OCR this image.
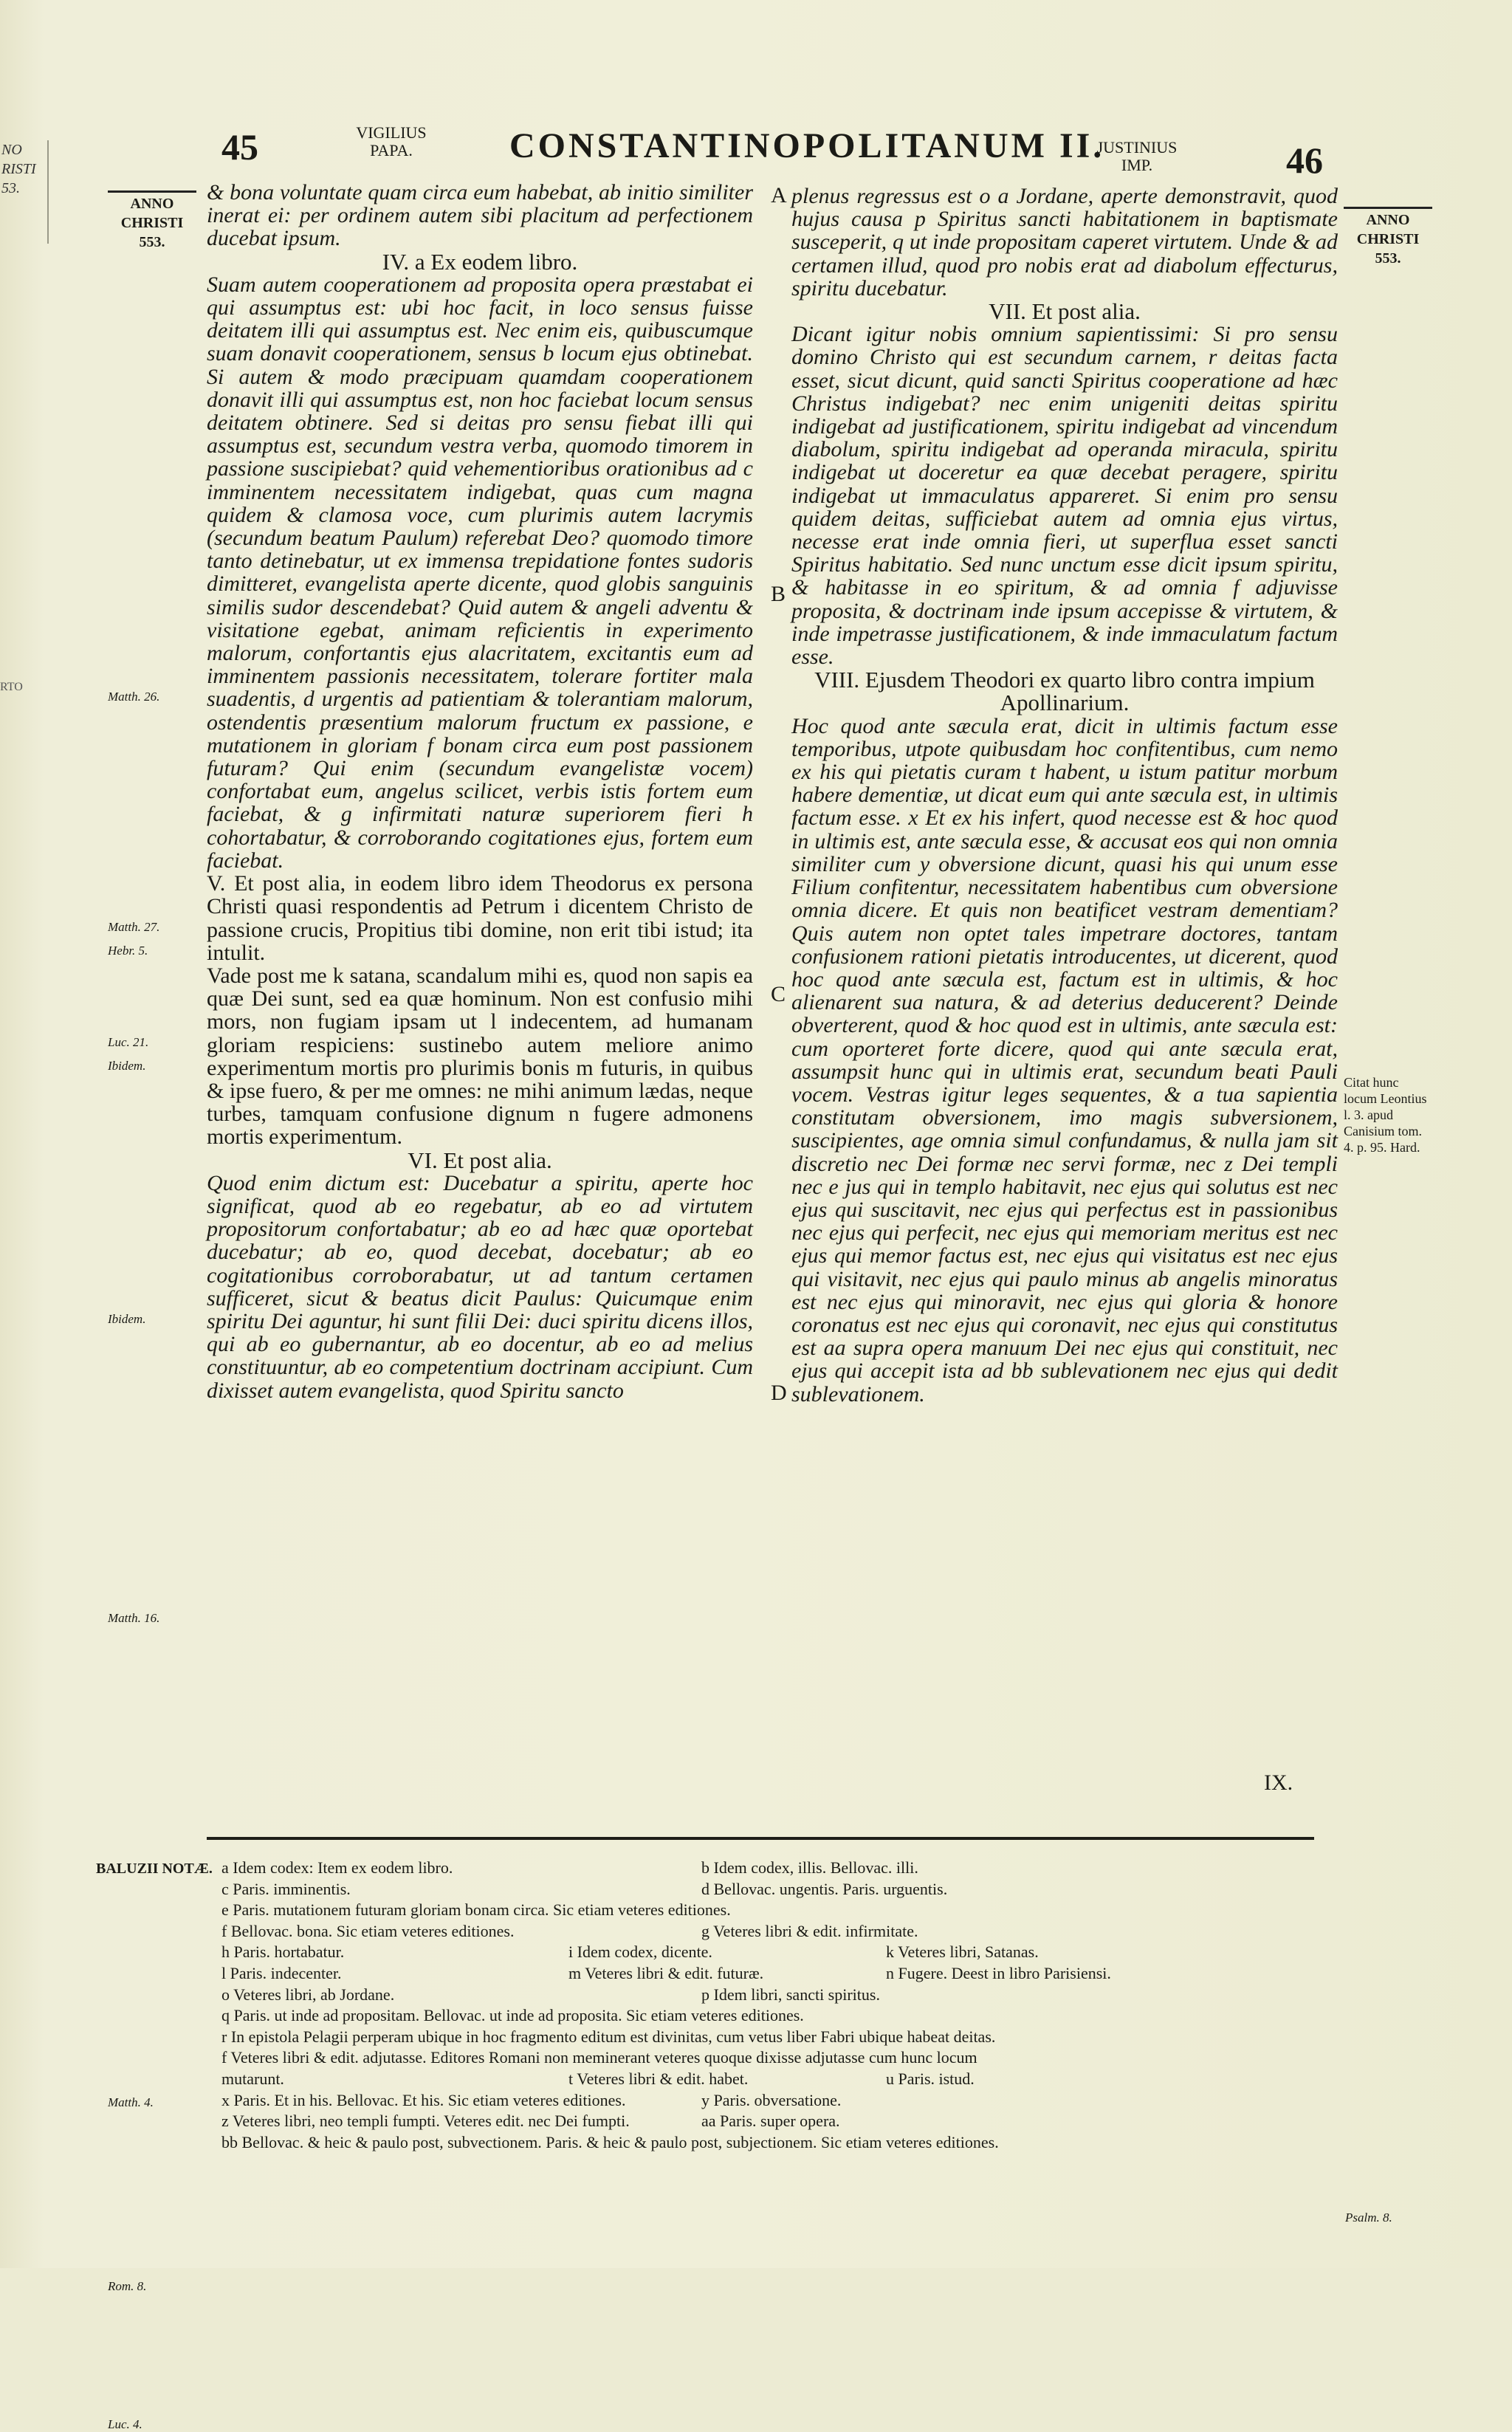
NO RISTI 53.
RTO
45	VIGILIUS PAPA.	CONSTANTINOPOLITANUM II.
JUSTINIUS IMP.	46
ANNO CHRISTI 553.
ANNO CHRISTI 553.

& bona voluntate quam circa eum habebat, ab initio similiter inerat ei: per ordinem autem sibi placitum ad perfectionem ducebat ipsum.

IV. a Ex eodem libro.

Suam autem cooperationem ad proposita opera præstabat ei qui assumptus est: ubi hoc facit, in loco sensus fuisse deitatem illi qui assumptus est. Nec enim eis, quibuscumque suam donavit cooperationem, sensus b locum ejus obtinebat. Si autem & modo præcipuam quamdam cooperationem donavit illi qui assumptus est, non hoc faciebat locum sensus deitatem obtinere. Sed si deitas pro sensu fiebat illi qui assumptus est, secundum vestra verba, quomodo timorem in passione suscipiebat? quid vehementioribus orationibus ad c imminentem necessitatem indigebat, quas cum magna quidem & clamosa voce, cum plurimis autem lacrymis (secundum beatum Paulum) referebat Deo? quomodo timore tanto detinebatur, ut ex immensa trepidatione fontes sudoris dimitteret, evangelista aperte dicente, quod globis sanguinis similis sudor descendebat? Quid autem & angeli adventu & visitatione egebat, animam reficientis in experimento malorum, confortantis ejus alacritatem, excitantis eum ad imminentem passionis necessitatem, tolerare fortiter mala suadentis, d urgentis ad patientiam & tolerantiam malorum, ostendentis præsentium malorum fructum ex passione, e mutationem in gloriam f bonam circa eum post passionem futuram? Qui enim (secundum evangelistæ vocem) confortabat eum, angelus scilicet, verbis istis fortem eum faciebat, & g infirmitati naturæ superiorem fieri h cohortabatur, & corroborando cogitationes ejus, fortem eum faciebat.

V. Et post alia, in eodem libro idem Theodorus ex persona Christi quasi respondentis ad Petrum i dicentem Christo de passione crucis, Propitius tibi domine, non erit tibi istud; ita intulit.

Vade post me k satana, scandalum mihi es, quod non sapis ea quæ Dei sunt, sed ea quæ hominum. Non est confusio mihi mors, non fugiam ipsam ut l indecentem, ad humanam gloriam respiciens: sustinebo autem meliore animo experimentum mortis pro plurimis bonis m futuris, in quibus & ipse fuero, & per me omnes: ne mihi animum lædas, neque turbes, tamquam confusione dignum n fugere admonens mortis experimentum.

VI. Et post alia.

Quod enim dictum est: Ducebatur a spiritu, aperte hoc significat, quod ab eo regebatur, ab eo ad virtutem propositorum confortabatur; ab eo ad hæc quæ oportebat ducebatur; ab eo, quod decebat, docebatur; ab eo cogitationibus corroborabatur, ut ad tantum certamen sufficeret, sicut & beatus dicit Paulus: Quicumque enim spiritu Dei aguntur, hi sunt filii Dei: duci spiritu dicens illos, qui ab eo gubernantur, ab eo docentur, ab eo ad melius constituuntur, ab eo competentium doctrinam accipiunt. Cum dixisset autem evangelista, quod Spiritu sancto

plenus regressus est o a Jordane, aperte demonstravit, quod hujus causa p Spiritus sancti habitationem in baptismate susceperit, q ut inde propositam caperet virtutem. Unde & ad certamen illud, quod pro nobis erat ad diabolum effecturus, spiritu ducebatur.

VII. Et post alia.

Dicant igitur nobis omnium sapientissimi: Si pro sensu domino Christo qui est secundum carnem, r deitas facta esset, sicut dicunt, quid sancti Spiritus cooperatione ad hæc Christus indigebat? nec enim unigeniti deitas spiritu indigebat ad justificationem, spiritu indigebat ad vincendum diabolum, spiritu indigebat ad operanda miracula, spiritu indigebat ut doceretur ea quæ decebat peragere, spiritu indigebat ut immaculatus appareret. Si enim pro sensu quidem deitas, sufficiebat autem ad omnia ejus virtus, necesse erat inde omnia fieri, ut superflua esset sancti Spiritus habitatio. Sed nunc unctum esse dicit ipsum spiritu, & habitasse in eo spiritum, & ad omnia f adjuvisse proposita, & doctrinam inde ipsum accepisse & virtutem, & inde impetrasse justificationem, & inde immaculatum factum esse.

VIII. Ejusdem Theodori ex quarto libro contra impium Apollinarium.

Hoc quod ante sæcula erat, dicit in ultimis factum esse temporibus, utpote quibusdam hoc confitentibus, cum nemo ex his qui pietatis curam t habent, u istum patitur morbum habere dementiæ, ut dicat eum qui ante sæcula est, in ultimis factum esse. x Et ex his infert, quod necesse est & hoc quod in ultimis est, ante sæcula esse, & accusat eos qui non omnia similiter cum y obversione dicunt, quasi his qui unum esse Filium confitentur, necessitatem habentibus cum obversione omnia dicere. Et quis non beatificet vestram dementiam? Quis autem non optet tales impetrare doctores, tantam confusionem rationi pietatis introducentes, ut dicerent, quod hoc quod ante sæcula est, factum est in ultimis, & hoc alienarent sua natura, & ad deterius deducerent? Deinde obverterent, quod & hoc quod est in ultimis, ante sæcula est: cum oporteret forte dicere, quod qui ante sæcula erat, assumpsit hunc qui in ultimis erat, secundum beati Pauli vocem. Vestras igitur leges sequentes, & a tua sapientia constitutam obversionem, imo magis subversionem, suscipientes, age omnia simul confundamus, & nulla jam sit discretio nec Dei formæ nec servi formæ, nec z Dei templi nec e jus qui in templo habitavit, nec ejus qui solutus est nec ejus qui suscitavit, nec ejus qui perfectus est in passionibus nec ejus qui perfecit, nec ejus qui memoriam meritus est nec ejus qui memor factus est, nec ejus qui visitatus est nec ejus qui visitavit, nec ejus qui paulo minus ab angelis minoratus est nec ejus qui minoravit, nec ejus qui gloria & honore coronatus est nec ejus qui coronavit, nec ejus qui constitutus est aa supra opera manuum Dei nec ejus qui constituit, nec ejus qui accepit ista ad bb sublevationem nec ejus qui dedit sublevationem.

A
B
C
D
Matth. 26.
Matth. 27.
Hebr. 5.
Luc. 21.
Ibidem.
Ibidem.
Matth. 16.
Matth. 4.
Rom. 8.
Luc. 4.
Psalm. 8.
Citat hunc locum Leontius l. 3. apud Canisium tom. 4. p. 95. Hard.
IX.
BALUZII NOTÆ. a Idem codex: Item ex eodem libro.	b Idem codex, illis. Bellovac. illi.
c Paris. imminentis.	d Bellovac. ungentis. Paris. urguentis.
e Paris. mutationem futuram gloriam bonam circa. Sic etiam veteres editiones.
f Bellovac. bona. Sic etiam veteres editiones.	g Veteres libri & edit. infirmitate.
h Paris. hortabatur.	i Idem codex, dicente.	k Veteres libri, Satanas.
l Paris. indecenter.	m Veteres libri & edit. futuræ.	n Fugere. Deest in libro Parisiensi.
o Veteres libri, ab Jordane.	p Idem libri, sancti spiritus.
q Paris. ut inde ad propositam. Bellovac. ut inde ad proposita. Sic etiam veteres editiones.
r In epistola Pelagii perperam ubique in hoc fragmento editum est divinitas, cum vetus liber Fabri ubique habeat deitas.
f Veteres libri & edit. adjutasse. Editores Romani non meminerant veteres quoque dixisse adjutasse cum hunc locum
mutarunt.	t Veteres libri & edit. habet.	u Paris. istud.
x Paris. Et in his. Bellovac. Et his. Sic etiam veteres editiones.	y Paris. obversatione.
z Veteres libri, neo templi fumpti. Veteres edit. nec Dei fumpti.	aa Paris. super opera.
bb Bellovac. & heic & paulo post, subvectionem. Paris. & heic & paulo post, subjectionem. Sic etiam veteres editiones.
